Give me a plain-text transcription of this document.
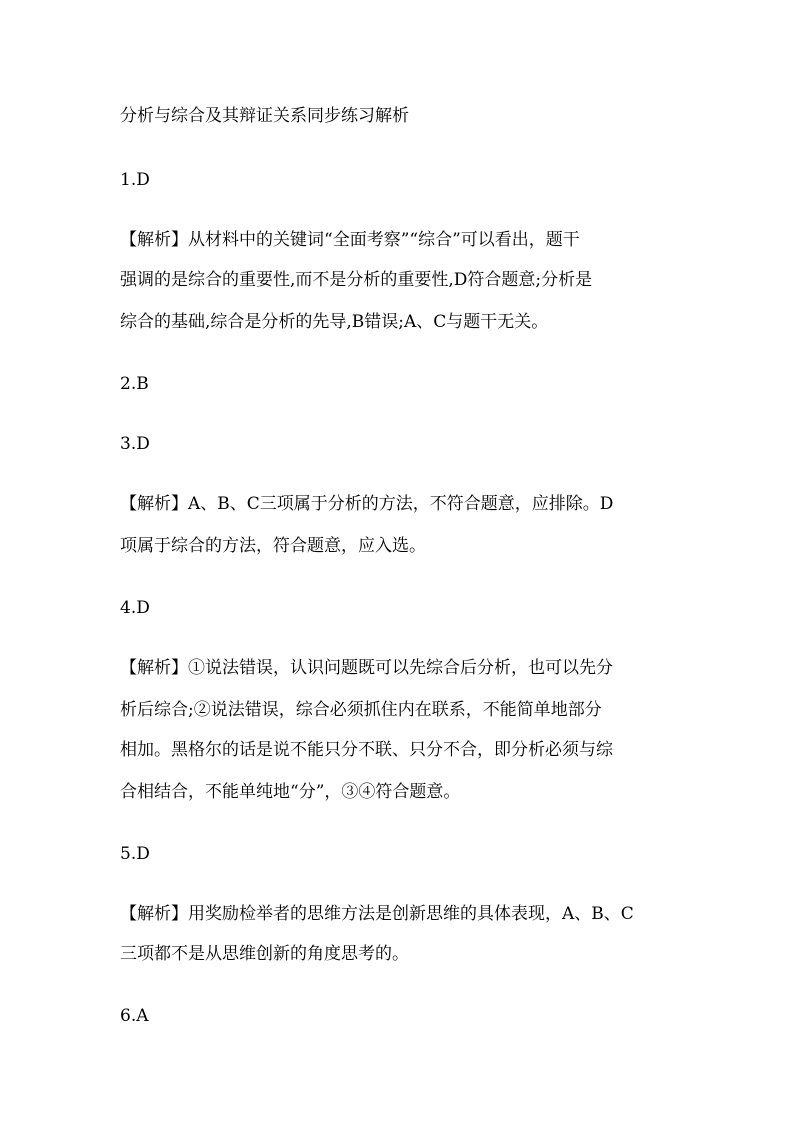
分析与综合及其辩证关系同步练习解析
1.D
【解析】从材料中的关键词“全面考察”“综合”可以看出，题干
强调的是综合的重要性,而不是分析的重要性,D符合题意;分析是
综合的基础,综合是分析的先导,B错误;A、C与题干无关。
2.B
3.D
【解析】A、B、C三项属于分析的方法，不符合题意，应排除。D
项属于综合的方法，符合题意，应入选。
4.D
【解析】①说法错误，认识问题既可以先综合后分析，也可以先分
析后综合;②说法错误，综合必须抓住内在联系，不能简单地部分
相加。黑格尔的话是说不能只分不联、只分不合，即分析必须与综
合相结合，不能单纯地“分”，③④符合题意。
5.D
【解析】用奖励检举者的思维方法是创新思维的具体表现，A、B、C
三项都不是从思维创新的角度思考的。
6.A
